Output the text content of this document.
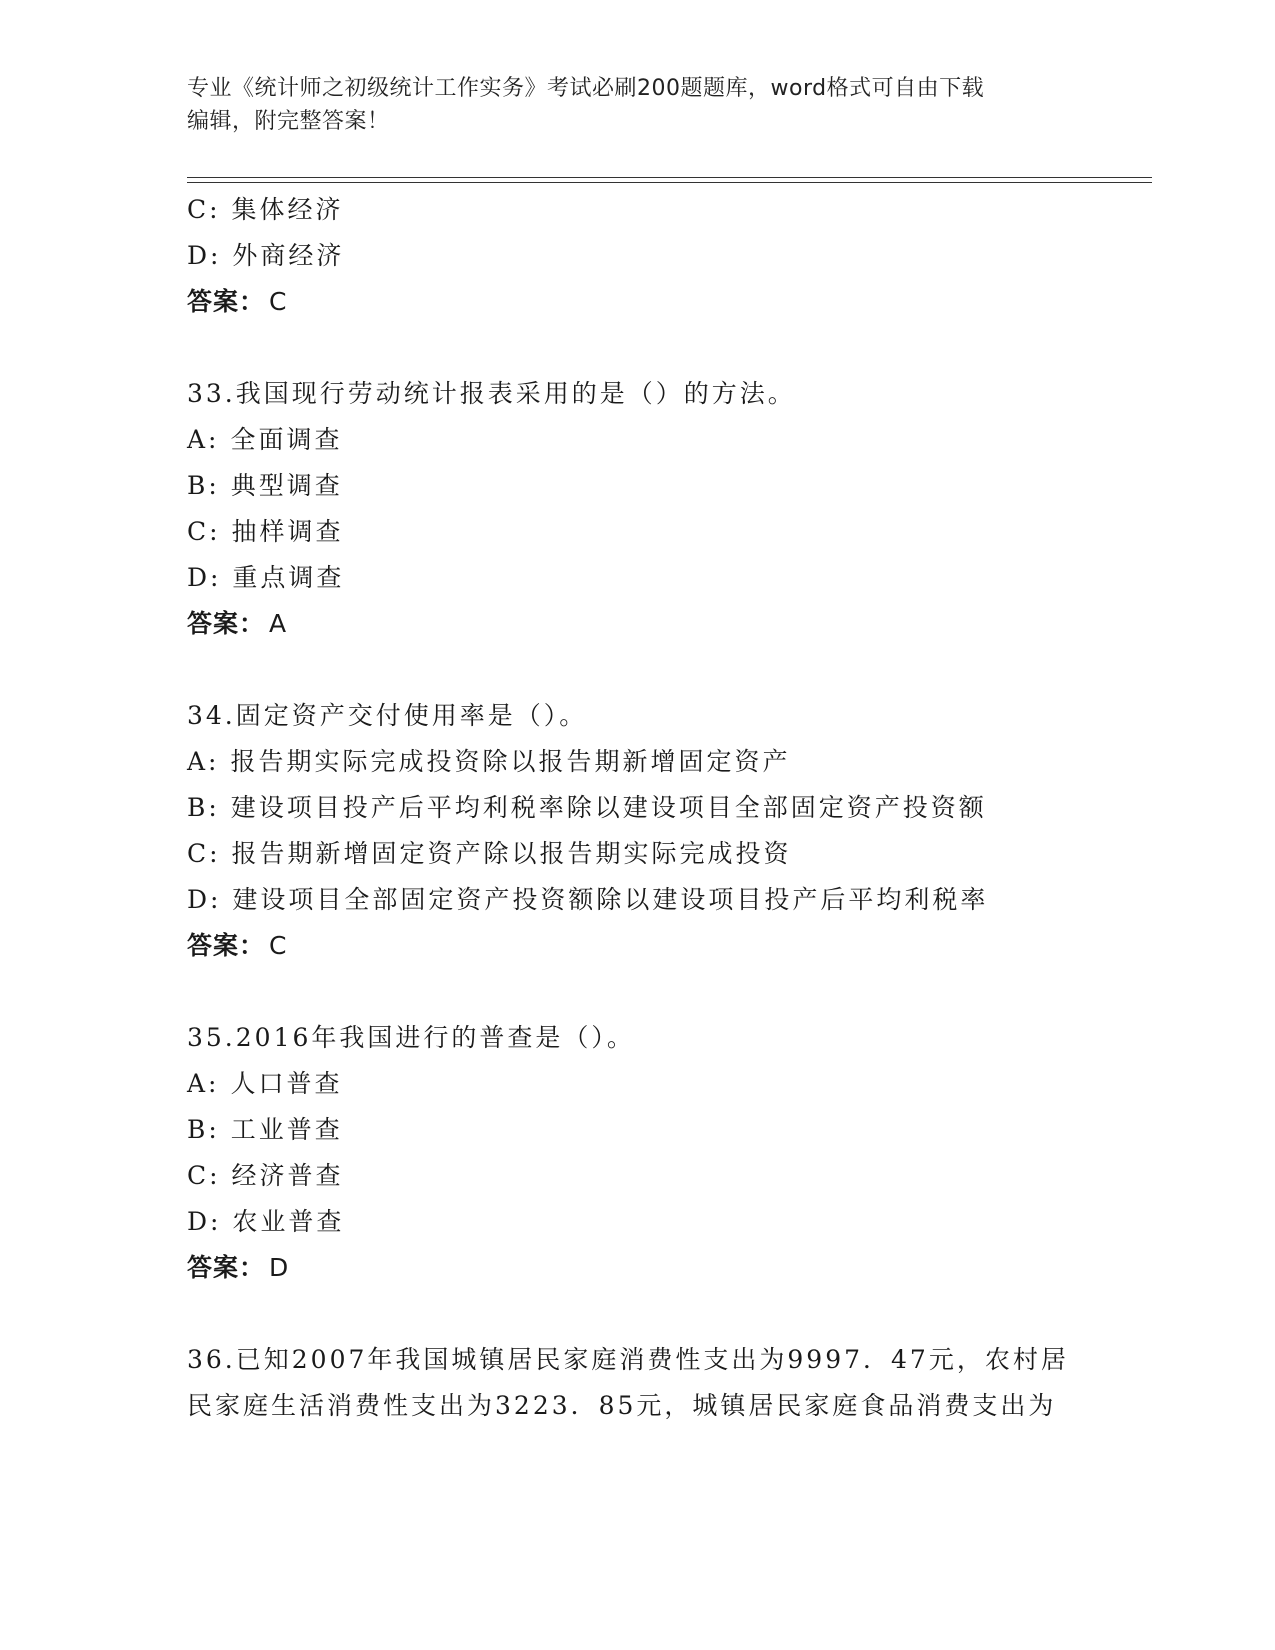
专业《统计师之初级统计工作实务》考试必刷200题题库，word格式可自由下载
编辑，附完整答案！
C: 集体经济
D: 外商经济
答案： C
33.我国现行劳动统计报表采用的是（）的方法。
A: 全面调查
B: 典型调查
C: 抽样调查
D: 重点调查
答案： A
34.固定资产交付使用率是（）。
A: 报告期实际完成投资除以报告期新增固定资产
B: 建设项目投产后平均利税率除以建设项目全部固定资产投资额
C: 报告期新增固定资产除以报告期实际完成投资
D: 建设项目全部固定资产投资额除以建设项目投产后平均利税率
答案： C
35.2016年我国进行的普查是（）。
A: 人口普查
B: 工业普查
C: 经济普查
D: 农业普查
答案： D
36.已知2007年我国城镇居民家庭消费性支出为9997．47元，农村居
民家庭生活消费性支出为3223．85元，城镇居民家庭食品消费支出为
